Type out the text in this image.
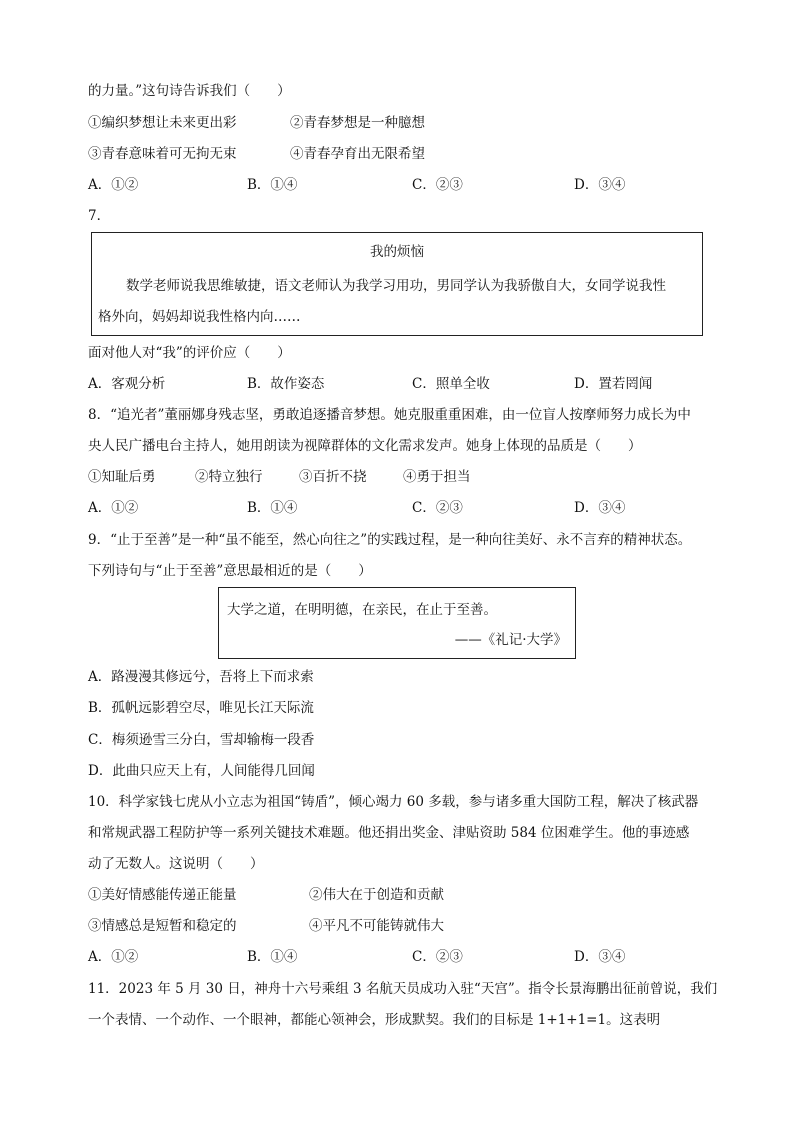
的力量。”这句诗告诉我们（　　）
①编织梦想让未来更出彩	②青春梦想是一种臆想
③青春意味着可无拘无束	④青春孕育出无限希望
A．①②	B．①④	C．②③	D．③④
7．
我的烦恼
数学老师说我思维敏捷，语文老师认为我学习用功，男同学认为我骄傲自大，女同学说我性
格外向，妈妈却说我性格内向……
面对他人对“我”的评价应（　　）
A．客观分析	B．故作姿态	C．照单全收	D．置若罔闻
8．“追光者”董丽娜身残志坚，勇敢追逐播音梦想。她克服重重困难，由一位盲人按摩师努力成长为中
央人民广播电台主持人，她用朗读为视障群体的文化需求发声。她身上体现的品质是（　　）
①知耻后勇	②特立独行	③百折不挠	④勇于担当
A．①②	B．①④	C．②③	D．③④
9．“止于至善”是一种“虽不能至，然心向往之”的实践过程，是一种向往美好、永不言弃的精神状态。
下列诗句与“止于至善”意思最相近的是（　　）
大学之道，在明明德，在亲民，在止于至善。
——《礼记·大学》
A．路漫漫其修远兮，吾将上下而求索
B．孤帆远影碧空尽，唯见长江天际流
C．梅须逊雪三分白，雪却输梅一段香
D．此曲只应天上有，人间能得几回闻
10．科学家钱七虎从小立志为祖国“铸盾”，倾心竭力 60 多载，参与诸多重大国防工程，解决了核武器
和常规武器工程防护等一系列关键技术难题。他还捐出奖金、津贴资助 584 位困难学生。他的事迹感
动了无数人。这说明（　　）
①美好情感能传递正能量	②伟大在于创造和贡献
③情感总是短暂和稳定的	④平凡不可能铸就伟大
A．①②	B．①④	C．②③	D．③④
11．2023 年 5 月 30 日，神舟十六号乘组 3 名航天员成功入驻“天宫”。指令长景海鹏出征前曾说，我们
一个表情、一个动作、一个眼神，都能心领神会，形成默契。我们的目标是 1+1+1=1。这表明
